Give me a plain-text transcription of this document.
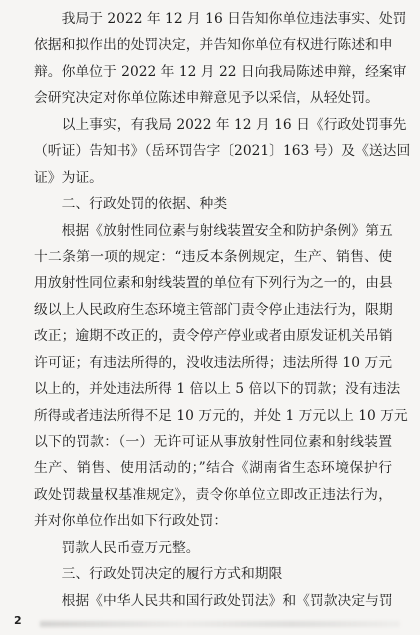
　　我局于 2022 年 12 月 16 日告知你单位违法事实、处罚
依据和拟作出的处罚决定，并告知你单位有权进行陈述和申
辩。你单位于 2022 年 12 月 22 日向我局陈述申辩，经案审
会研究决定对你单位陈述申辩意见予以采信，从轻处罚。
　　以上事实，有我局 2022 年 12 月 16 日《行政处罚事先
（听证）告知书》（岳环罚告字〔2021〕163 号）及《送达回
证》为证。
　　二、行政处罚的依据、种类
　　根据《放射性同位素与射线装置安全和防护条例》第五
十二条第一项的规定：“违反本条例规定，生产、销售、使
用放射性同位素和射线装置的单位有下列行为之一的，由县
级以上人民政府生态环境主管部门责令停止违法行为，限期
改正；逾期不改正的，责令停产停业或者由原发证机关吊销
许可证；有违法所得的，没收违法所得；违法所得 10 万元
以上的，并处违法所得 1 倍以上 5 倍以下的罚款；没有违法
所得或者违法所得不足 10 万元的，并处 1 万元以上 10 万元
以下的罚款：（一）无许可证从事放射性同位素和射线装置
生产、销售、使用活动的；”结合《湖南省生态环境保护行
政处罚裁量权基准规定》，责令你单位立即改正违法行为，
并对你单位作出如下行政处罚：
　　罚款人民币壹万元整。
　　三、行政处罚决定的履行方式和期限
　　根据《中华人民共和国行政处罚法》和《罚款决定与罚
2
